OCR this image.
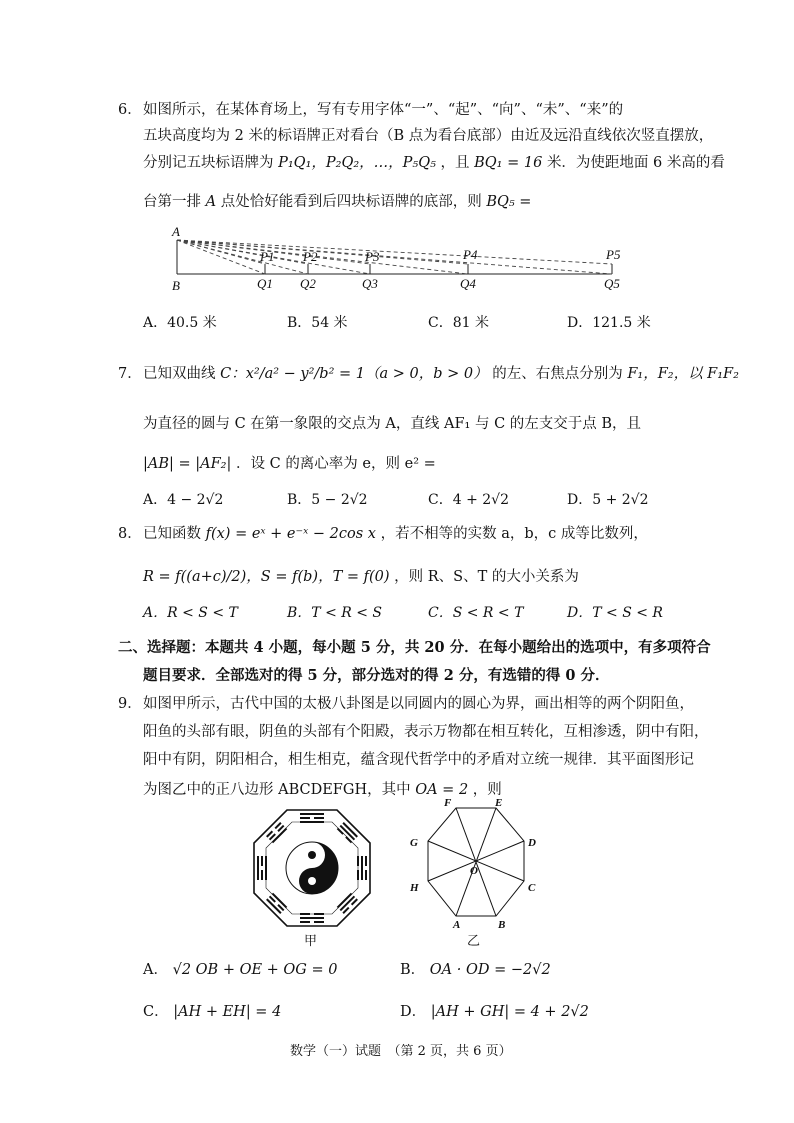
6． 如图所示，在某体育场上，写有专用字体“一”、“起”、“向”、“未”、“来”的
五块高度均为 2 米的标语牌正对看台（B 点为看台底部）由近及远沿直线依次竖直摆放，
分别记五块标语牌为 P₁Q₁，P₂Q₂，…，P₅Q₅ ，且 BQ₁ = 16 米．为使距地面 6 米高的看
台第一排 A 点处恰好能看到后四块标语牌的底部，则 BQ₅ =
A
B
P1 P2	P3	P4	P5
Q1 Q2	Q3	Q4	Q5
A．40.5 米	B．54 米	C．81 米	D．121.5 米
7． 已知双曲线 C：x²/a² − y²/b² = 1（a > 0，b > 0） 的左、右焦点分别为 F₁，F₂，以 F₁F₂
为直径的圆与 C 在第一象限的交点为 A，直线 AF₁ 与 C 的左支交于点 B，且
|AB| = |AF₂| ．设 C 的离心率为 e，则 e² =
A．4 − 2√2	B．5 − 2√2	C．4 + 2√2	D．5 + 2√2
8． 已知函数 f(x) = eˣ + e⁻ˣ − 2cos x ，若不相等的实数 a，b，c 成等比数列，
R = f((a+c)/2)，S = f(b)，T = f(0) ，则 R、S、T 的大小关系为
A．R < S < T	B．T < R < S	C．S < R < T	D．T < S < R
二、选择题：本题共 4 小题，每小题 5 分，共 20 分．在每小题给出的选项中，有多项符合
题目要求．全部选对的得 5 分，部分选对的得 2 分，有选错的得 0 分．
9． 如图甲所示，古代中国的太极八卦图是以同圆内的圆心为界，画出相等的两个阴阳鱼，
阳鱼的头部有眼，阴鱼的头部有个阳殿，表示万物都在相互转化，互相渗透，阴中有阳，
阳中有阴，阴阳相合，相生相克，蕴含现代哲学中的矛盾对立统一规律．其平面图形记
为图乙中的正八边形 ABCDEFGH，其中 OA = 2 ，则
甲
F	E
G	D
H	C
A	B
O
乙
A． √2 OB + OE + OG = 0	B． OA · OD = −2√2
C． |AH + EH| = 4	D． |AH + GH| = 4 + 2√2
数学（一）试题　（第 2 页，共 6 页）
